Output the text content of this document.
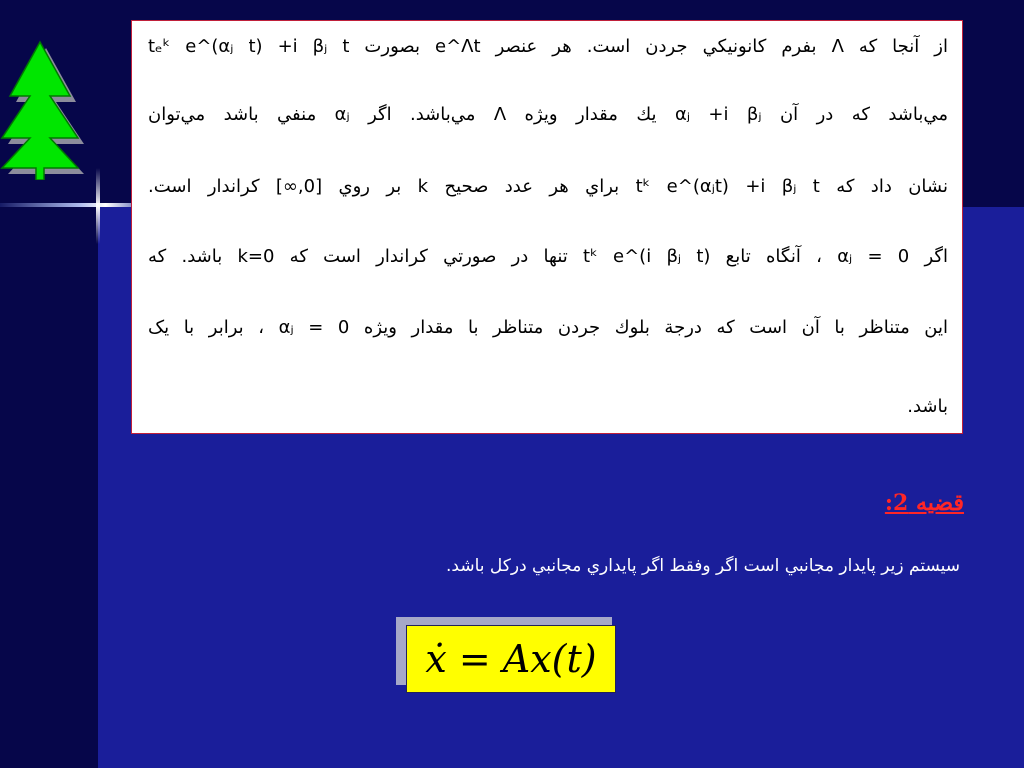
از آنجا كه Λ بفرم كانونيكي جردن است. هر عنصر e^Λt بصورت tₑᵏ e^(αⱼ t) +i βⱼ t
مي‌باشد كه در آن αⱼ +i βⱼ يك مقدار ويژه Λ مي‌باشد. اگر αⱼ منفي باشد مي‌توان
نشان داد كه tᵏ e^(αⱼt) +i βⱼ t براي هر عدد صحيح k بر روي [0,∞] كراندار است.
اگر αⱼ = 0 ، آنگاه تابع tᵏ e^(i βⱼ t) تنها در صورتي كراندار است كه k=0 باشد. كه
اين متناظر با آن است كه درجة بلوك جردن متناظر با مقدار ويژه αⱼ = 0 ، برابر با يک
باشد.
قضيه 2:
سيستم زير پايدار مجانبي است اگر وفقط اگر پايداري مجانبي درکل باشد.
ẋ = Ax(t)
